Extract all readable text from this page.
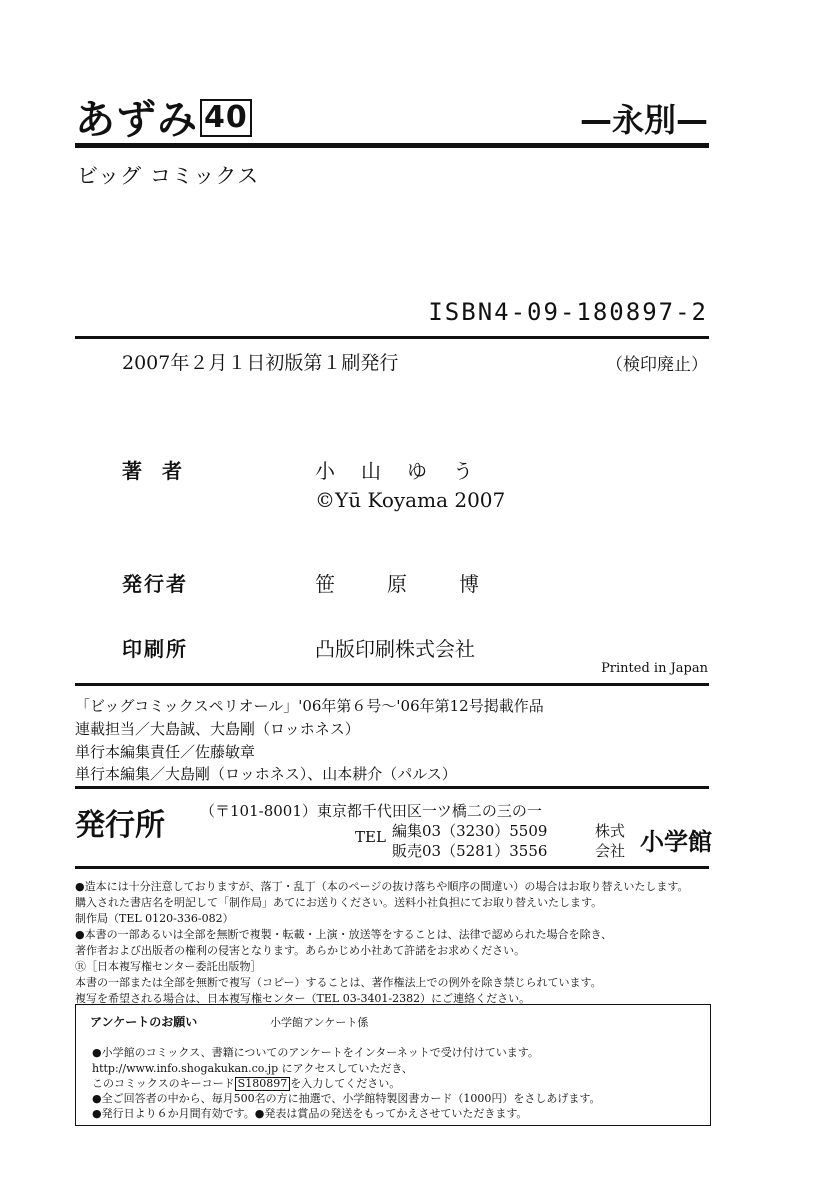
あずみ 40	—永別—
ビッグ コミックス
ISBN4-09-180897-2
2007年２月１日初版第１刷発行	（検印廃止）
著者	小山ゆう
©Yū Koyama 2007
発行者	笹原博
印刷所	凸版印刷株式会社
Printed in Japan
「ビッグコミックスペリオール」'06年第６号〜'06年第12号掲載作品
連載担当／大島誠、大島剛（ロッホネス）
単行本編集責任／佐藤敏章
単行本編集／大島剛（ロッホネス）、山本耕介（パルス）
発行所 （〒101-8001）東京都千代田区一ツ橋二の三の一
TEL 編集03（3230）5509
販売03（5281）3556
株式
会社 小学館
●造本には十分注意しておりますが、落丁・乱丁（本のページの抜け落ちや順序の間違い）の場合はお取り替えいたします。
購入された書店名を明記して「制作局」あてにお送りください。送料小社負担にてお取り替えいたします。
制作局（TEL 0120-336-082）
●本書の一部あるいは全部を無断で複製・転載・上演・放送等をすることは、法律で認められた場合を除き、
著作者および出版者の権利の侵害となります。あらかじめ小社あて許諾をお求めください。
Ⓡ［日本複写権センター委託出版物］
本書の一部または全部を無断で複写（コピー）することは、著作権法上での例外を除き禁じられています。
複写を希望される場合は、日本複写権センター（TEL 03-3401-2382）にご連絡ください。
アンケートのお願い	小学館アンケート係
●小学館のコミックス、書籍についてのアンケートをインターネットで受け付けています。
http://www.info.shogakukan.co.jp にアクセスしていただき、
このコミックスのキーコード S180897 を入力してください。
●全ご回答者の中から、毎月500名の方に抽選で、小学館特製図書カード（1000円）をさしあげます。
●発行日より６か月間有効です。●発表は賞品の発送をもってかえさせていただきます。
